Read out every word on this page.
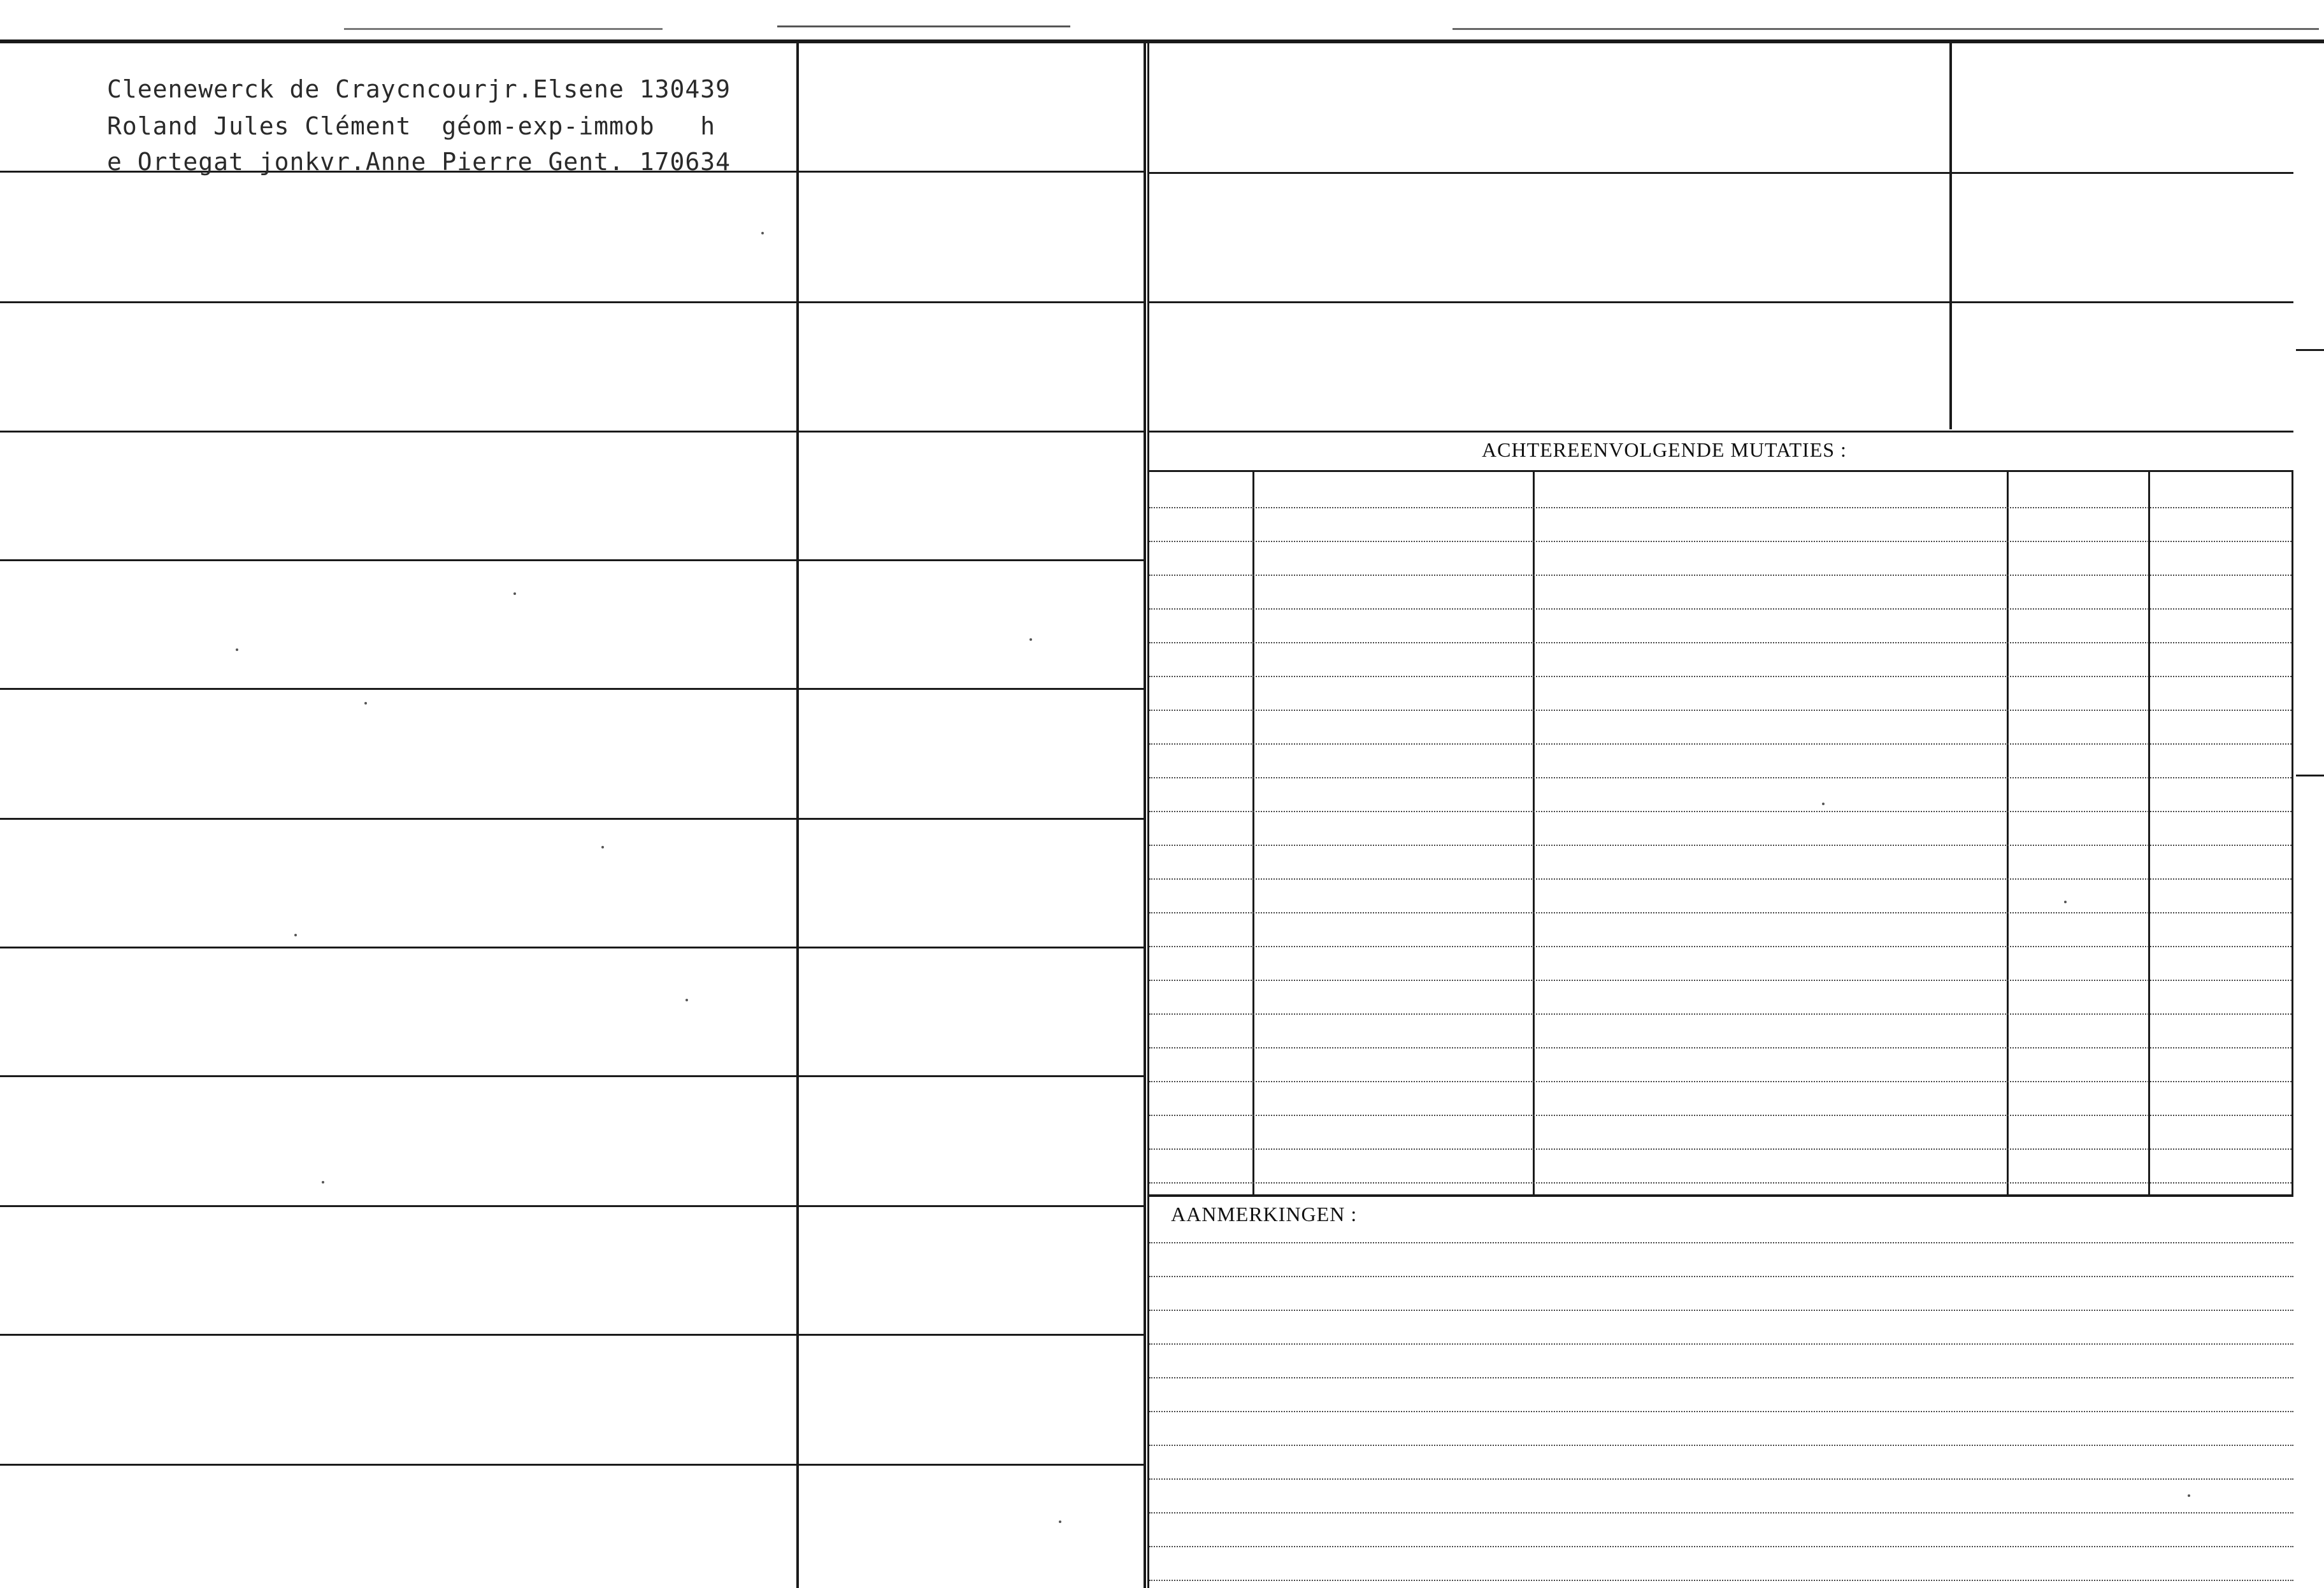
Cleenewerck de Craycncourjr.Elsene 130439
Roland Jules Clément  géom-exp-immob   h
e Ortegat jonkvr.Anne Pierre Gent. 170634
ACHTEREENVOLGENDE MUTATIES :
AANMERKINGEN :
